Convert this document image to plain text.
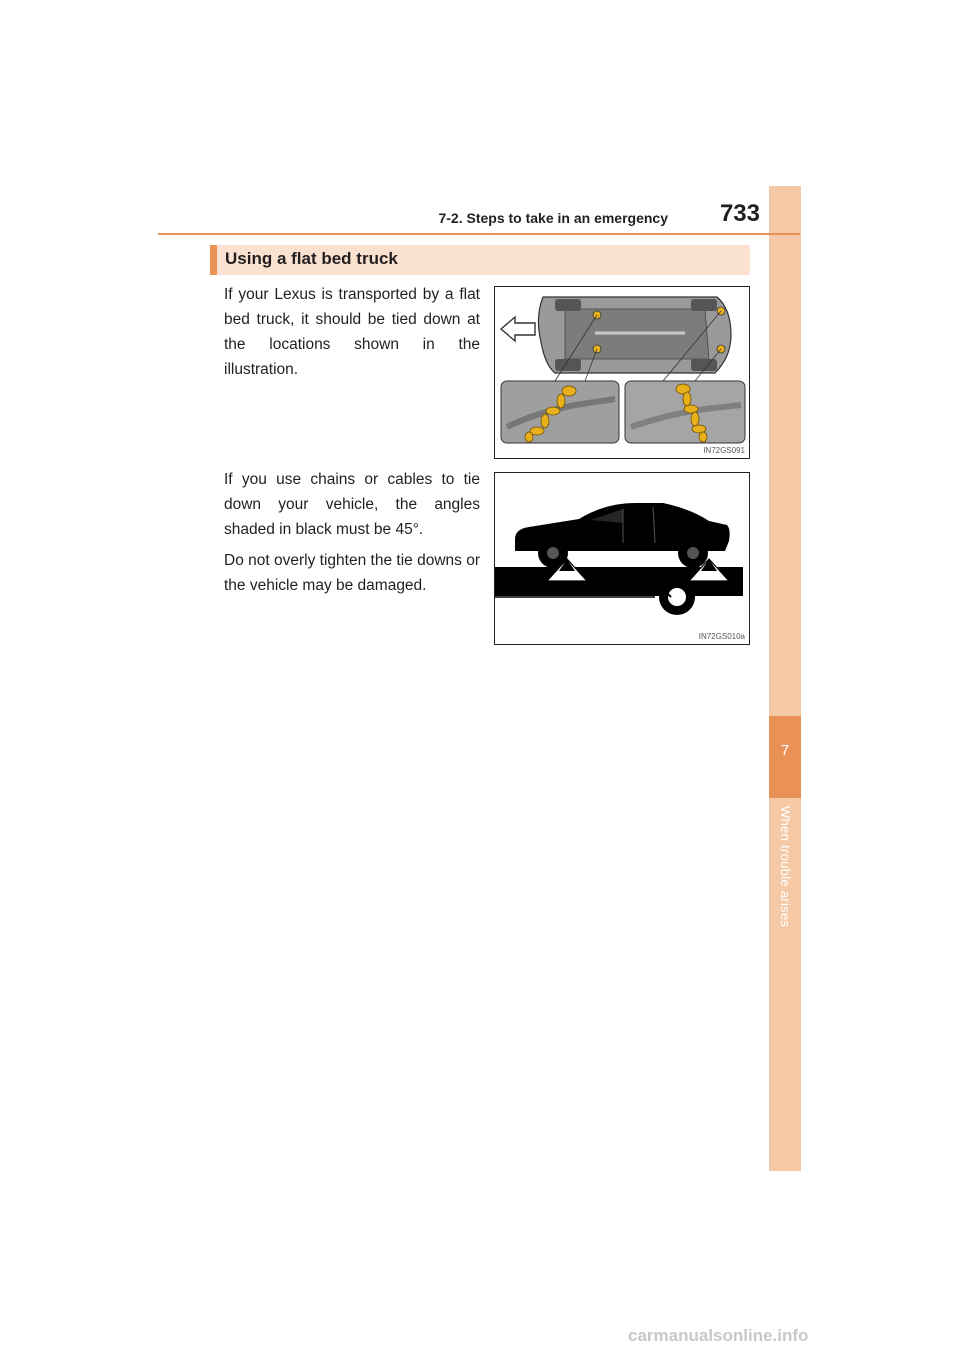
7
When trouble arises
7-2. Steps to take in an emergency	733
Using a flat bed truck

If your Lexus is transported by a flat bed truck, it should be tied down at the locations shown in the illustration.

If you use chains or cables to tie down your vehicle, the angles shaded in black must be 45°.

Do not overly tighten the tie downs or the vehicle may be damaged.

IN72GS091
IN72GS010a
carmanualsonline.info
